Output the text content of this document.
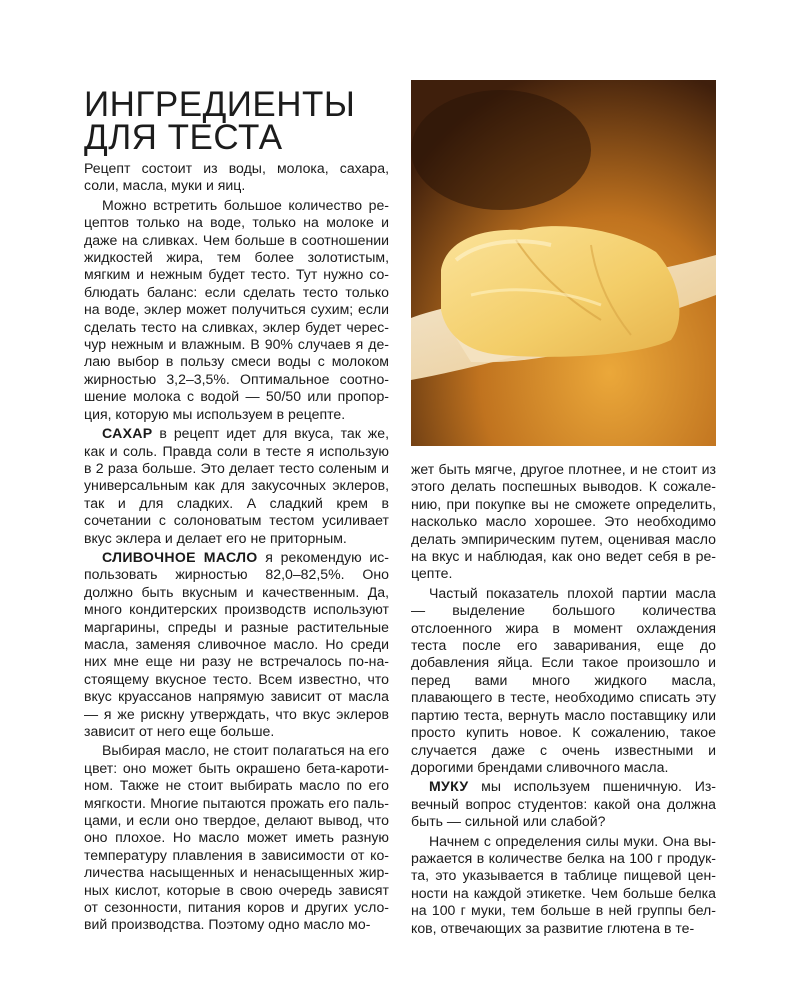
ИНГРЕДИЕНТЫ
ДЛЯ ТЕСТА

Рецепт состоит из воды, молока, сахара, соли, масла, муки и яиц.

Можно встретить большое количество рецептов только на воде, только на молоке и даже на сливках. Чем больше в соотношении жидкостей жира, тем более золотистым, мягким и нежным будет тесто. Тут нужно соблюдать баланс: если сделать тесто только на воде, эклер может получиться сухим; если сделать тесто на сливках, эклер будет чересчур нежным и влажным. В 90% случаев я делаю выбор в пользу смеси воды с молоком жирностью 3,2–3,5%. Оптимальное соотношение молока с водой — 50/50 или пропорция, которую мы используем в рецепте.

САХАР в рецепт идет для вкуса, так же, как и соль. Правда соли в тесте я использую в 2 раза больше. Это делает тесто соленым и универсальным как для закусочных эклеров, так и для сладких. А сладкий крем в сочетании с солоноватым тестом усиливает вкус эклера и делает его не приторным.

СЛИВОЧНОЕ МАСЛО я рекомендую использовать жирностью 82,0–82,5%. Оно должно быть вкусным и качественным. Да, много кондитерских производств используют маргарины, спреды и разные растительные масла, заменяя сливочное масло. Но среди них мне еще ни разу не встречалось по-настоящему вкусное тесто. Всем известно, что вкус круассанов напрямую зависит от масла — я же рискну утверждать, что вкус эклеров зависит от него еще больше.

Выбирая масло, не стоит полагаться на его цвет: оно может быть окрашено бета-каротином. Также не стоит выбирать масло по его мягкости. Многие пытаются прожать его пальцами, и если оно твердое, делают вывод, что оно плохое. Но масло может иметь разную температуру плавления в зависимости от количества насыщенных и ненасыщенных жирных кислот, которые в свою очередь зависят от сезонности, питания коров и других условий производства. Поэтому одно масло мо-

жет быть мягче, другое плотнее, и не стоит из этого делать поспешных выводов. К сожалению, при покупке вы не сможете определить, насколько масло хорошее. Это необходимо делать эмпирическим путем, оценивая масло на вкус и наблюдая, как оно ведет себя в рецепте.

Частый показатель плохой партии масла — выделение большого количества отслоенного жира в момент охлаждения теста после его заваривания, еще до добавления яйца. Если такое произошло и перед вами много жидкого масла, плавающего в тесте, необходимо списать эту партию теста, вернуть масло поставщику или просто купить новое. К сожалению, такое случается даже с очень известными и дорогими брендами сливочного масла.

МУКУ мы используем пшеничную. Извечный вопрос студентов: какой она должна быть — сильной или слабой?

Начнем с определения силы муки. Она выражается в количестве белка на 100 г продукта, это указывается в таблице пищевой ценности на каждой этикетке. Чем больше белка на 100 г муки, тем больше в ней группы белков, отвечающих за развитие глютена в те-
